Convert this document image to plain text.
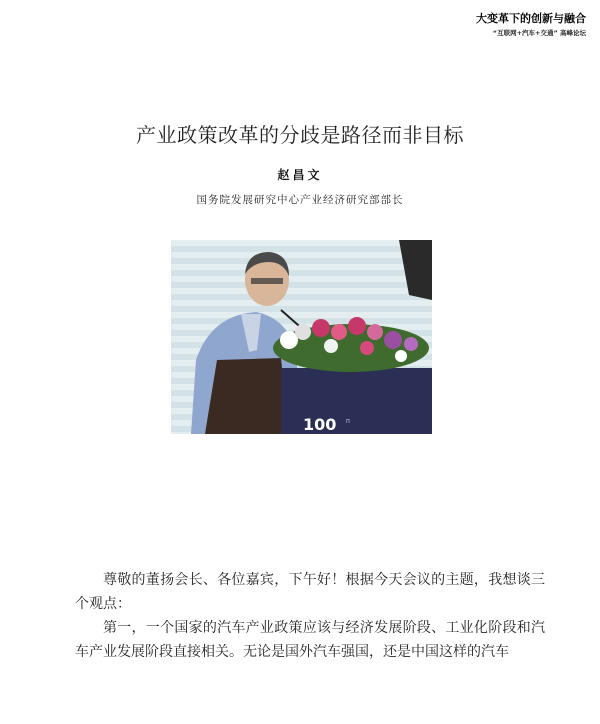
大变革下的创新与融合
“互联网+汽车+交通” 高峰论坛
产业政策改革的分歧是路径而非目标
赵昌文
国务院发展研究中心产业经济研究部部长
100 Π
尊敬的董扬会长、各位嘉宾，下午好！根据今天会议的主题，我想谈三个观点：
第一，一个国家的汽车产业政策应该与经济发展阶段、工业化阶段和汽车产业发展阶段直接相关。无论是国外汽车强国，还是中国这样的汽车
